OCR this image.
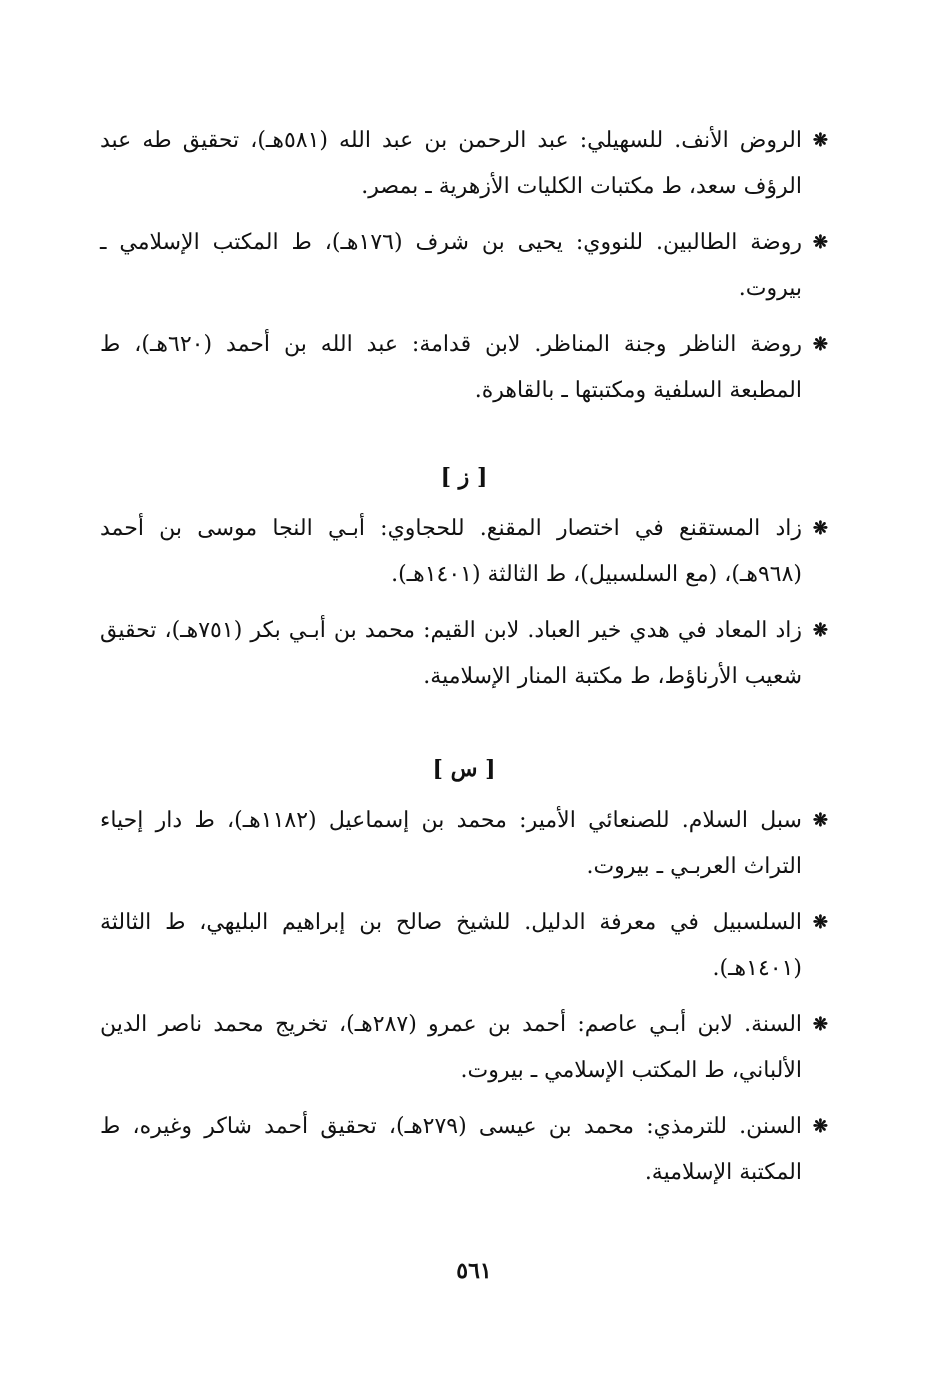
❋
الروض الأنف. للسهيلي: عبد الرحمن بن عبد الله (٥٨١هـ)، تحقيق طه عبد الرؤف سعد، ط مكتبات الكليات الأزهرية ـ بمصر.
❋
روضة الطالبين. للنووي: يحيى بن شرف (١٧٦هـ)، ط المكتب الإسلامي ـ بيروت.
❋
روضة الناظر وجنة المناظر. لابن قدامة: عبد الله بن أحمد (٦٢٠هـ)، ط المطبعة السلفية ومكتبتها ـ بالقاهرة.
[ ز ]
❋
زاد المستقنع في اختصار المقنع. للحجاوي: أبـي النجا موسى بن أحمد (٩٦٨هـ)، (مع السلسبيل)، ط الثالثة (١٤٠١هـ).
❋
زاد المعاد في هدي خير العباد. لابن القيم: محمد بن أبـي بكر (٧٥١هـ)، تحقيق شعيب الأرناؤط، ط مكتبة المنار الإسلامية.
[ س ]
❋
سبل السلام. للصنعائي الأمير: محمد بن إسماعيل (١١٨٢هـ)، ط دار إحياء التراث العربـي ـ بيروت.
❋
السلسبيل في معرفة الدليل. للشيخ صالح بن إبراهيم البليهي، ط الثالثة (١٤٠١هـ).
❋
السنة. لابن أبـي عاصم: أحمد بن عمرو (٢٨٧هـ)، تخريج محمد ناصر الدين الألباني، ط المكتب الإسلامي ـ بيروت.
❋
السنن. للترمذي: محمد بن عيسى (٢٧٩هـ)، تحقيق أحمد شاكر وغيره، ط المكتبة الإسلامية.
٥٦١
